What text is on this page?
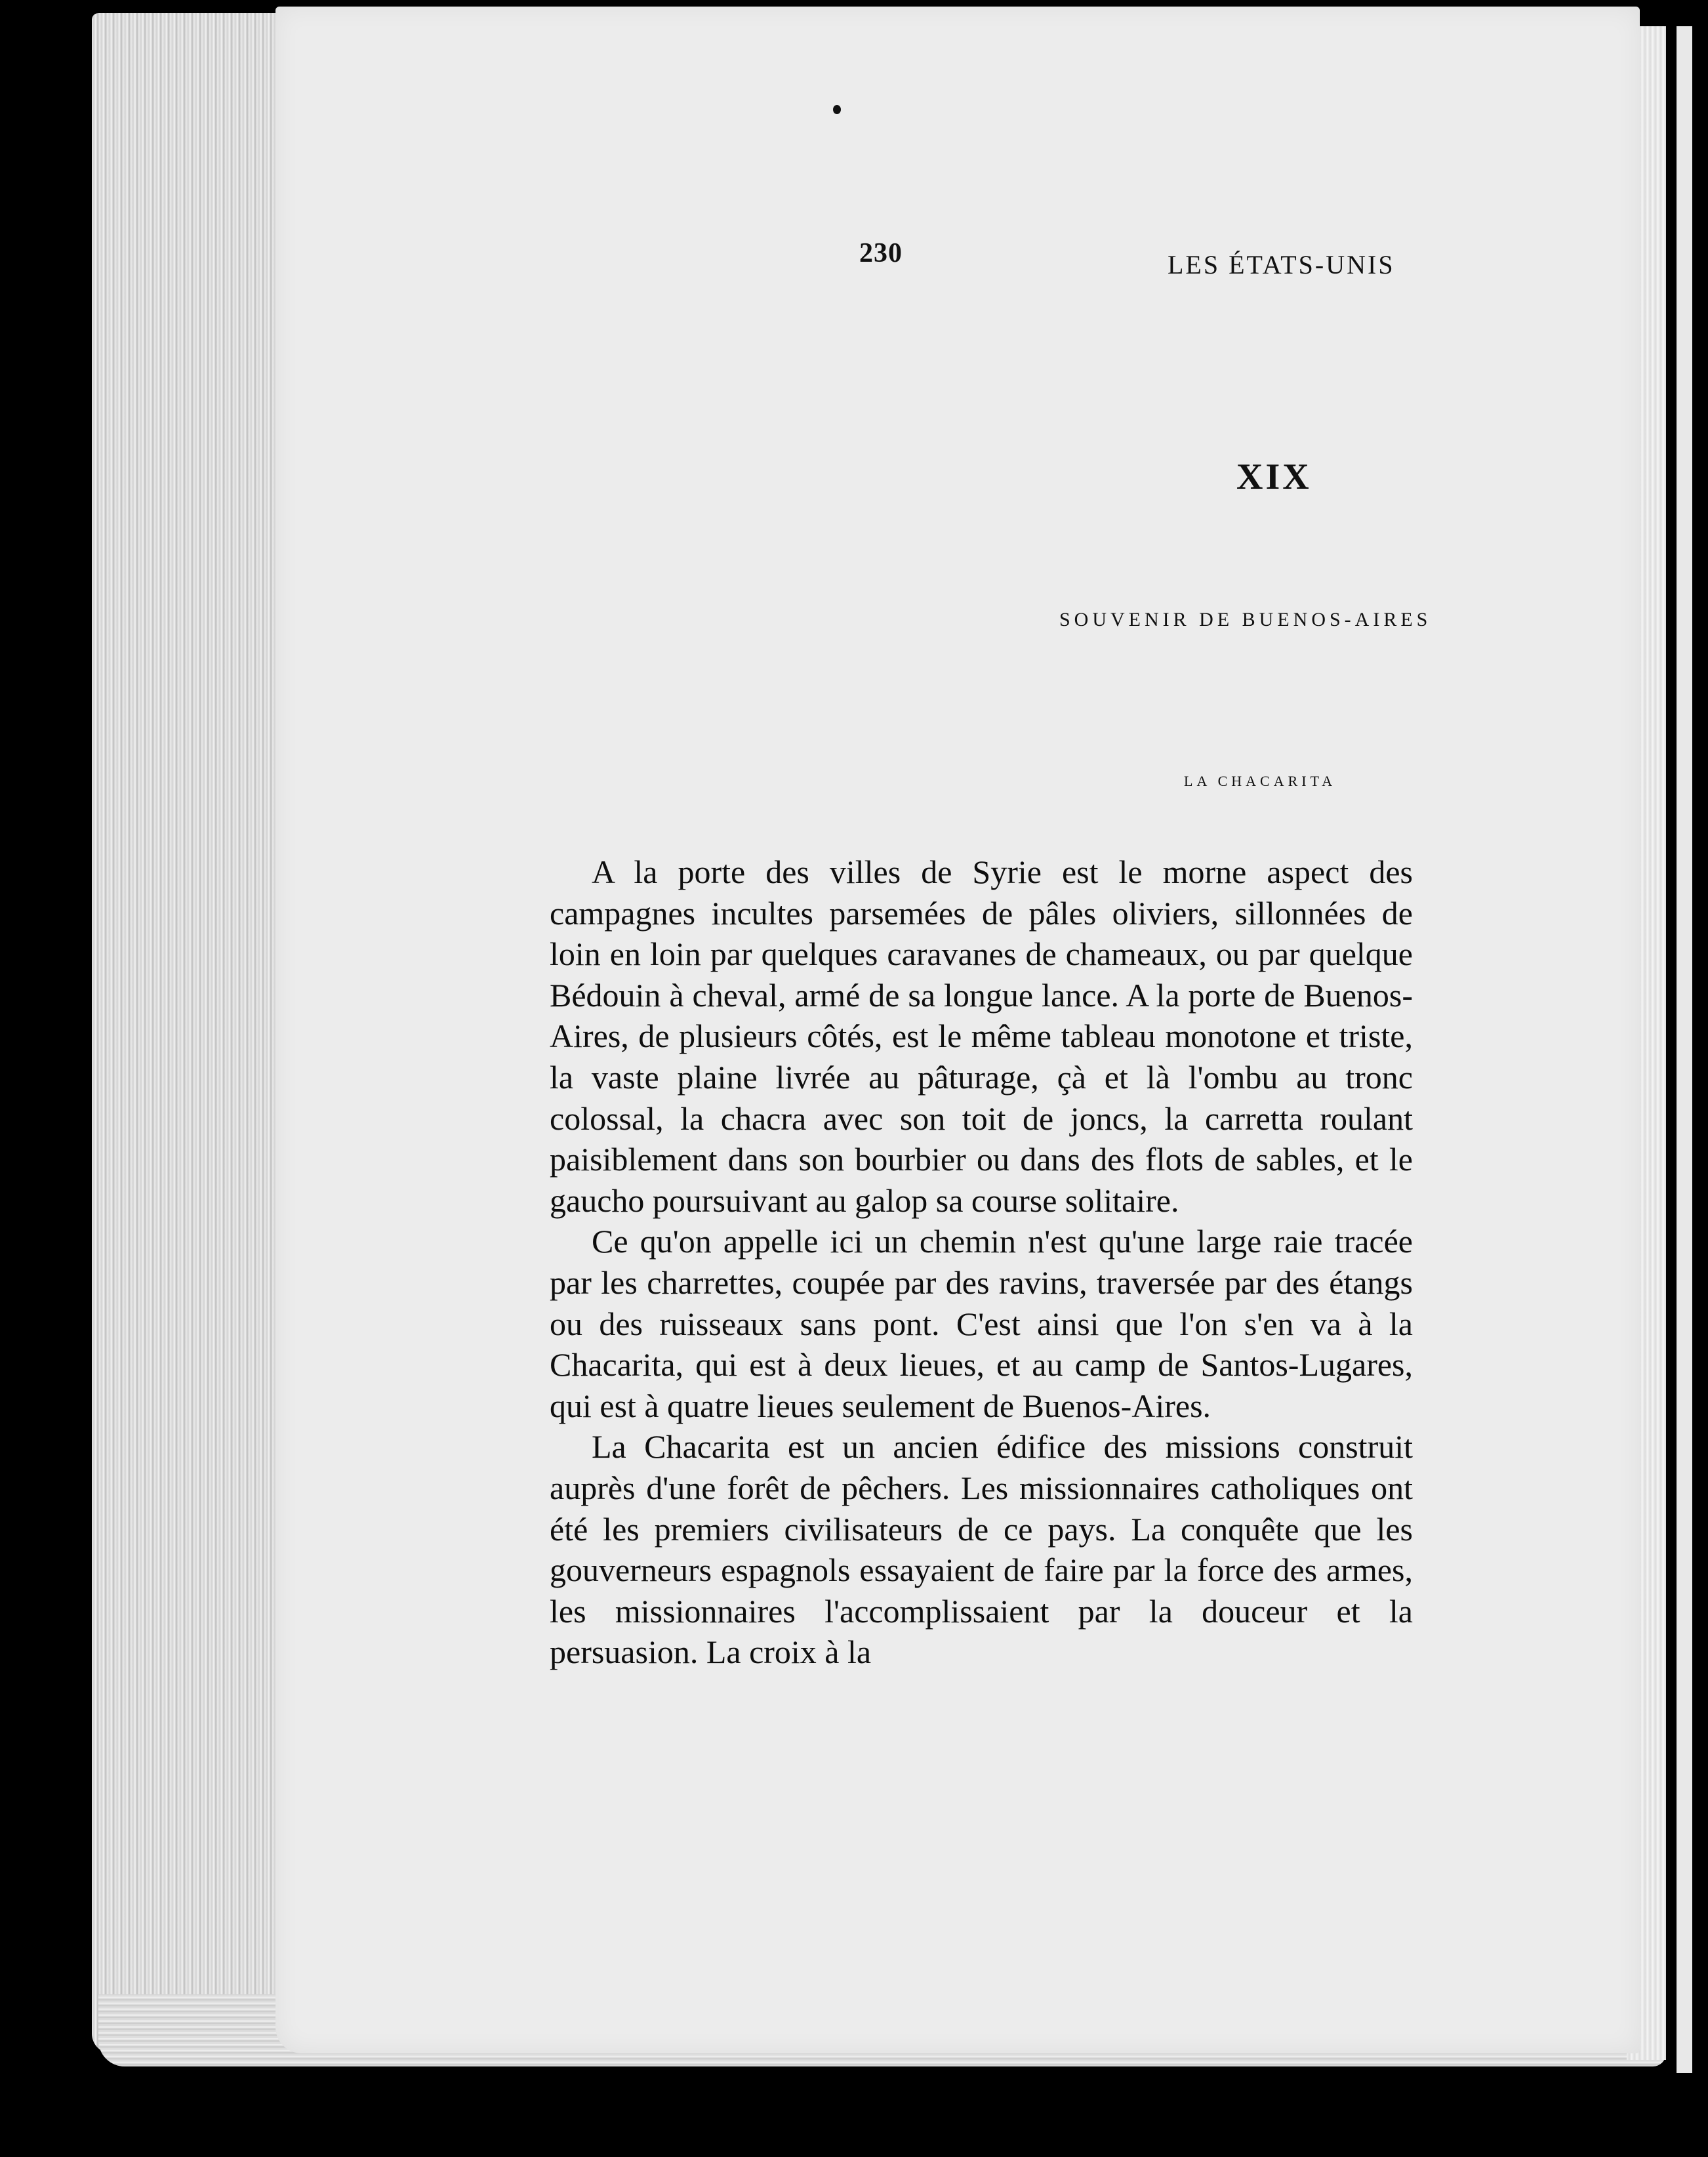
230	LES ÉTATS-UNIS
XIX
SOUVENIR DE BUENOS-AIRES
LA CHACARITA

A la porte des villes de Syrie est le morne aspect des campagnes incultes parsemées de pâles oliviers, sillonnées de loin en loin par quelques caravanes de chameaux, ou par quelque Bédouin à cheval, armé de sa longue lance. A la porte de Buenos-Aires, de plusieurs côtés, est le même tableau monotone et triste, la vaste plaine livrée au pâturage, çà et là l'ombu au tronc colossal, la chacra avec son toit de joncs, la carretta roulant paisiblement dans son bourbier ou dans des flots de sables, et le gaucho poursuivant au galop sa course solitaire.

Ce qu'on appelle ici un chemin n'est qu'une large raie tracée par les charrettes, coupée par des ravins, traversée par des étangs ou des ruisseaux sans pont. C'est ainsi que l'on s'en va à la Chacarita, qui est à deux lieues, et au camp de Santos-Lugares, qui est à quatre lieues seulement de Buenos-Aires.

La Chacarita est un ancien édifice des missions construit auprès d'une forêt de pêchers. Les missionnaires catholiques ont été les premiers civilisateurs de ce pays. La conquête que les gouverneurs espagnols essayaient de faire par la force des armes, les missionnaires l'accomplissaient par la douceur et la persuasion. La croix à la
